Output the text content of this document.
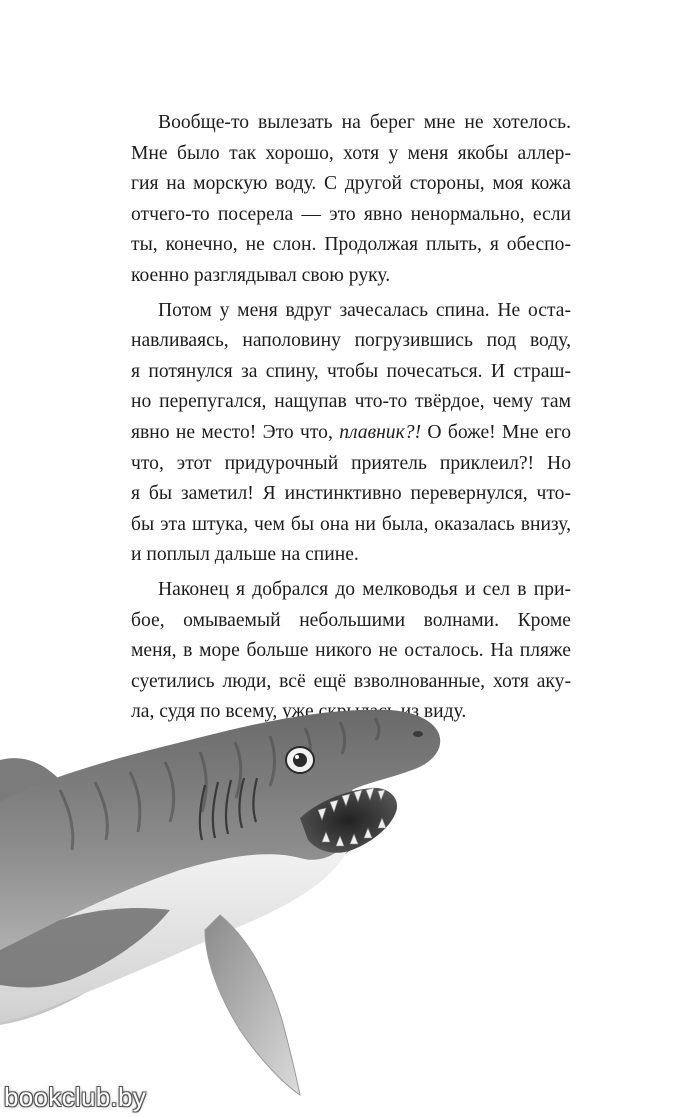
Вообще-то вылезать на берег мне не хотелось.
Мне было так хорошо, хотя у меня якобы аллер-
гия на морскую воду. С другой стороны, моя кожа
отчего-то посерела — это явно ненормально, если
ты, конечно, не слон. Продолжая плыть, я обеспо-
коенно разглядывал свою руку.

Потом у меня вдруг зачесалась спина. Не оста-
навливаясь, наполовину погрузившись под воду,
я потянулся за спину, чтобы почесаться. И страш-
но перепугался, нащупав что-то твёрдое, чему там
явно не место! Это что, плавник?! О боже! Мне его
что, этот придурочный приятель приклеил?! Но
я бы заметил! Я инстинктивно перевернулся, что-
бы эта штука, чем бы она ни была, оказалась внизу,
и поплыл дальше на спине.

Наконец я добрался до мелководья и сел в при-
бое, омываемый небольшими волнами. Кроме
меня, в море больше никого не осталось. На пляже
суетились люди, всё ещё взволнованные, хотя аку-
ла, судя по всему, уже скрылась из виду.

bookclub.by
